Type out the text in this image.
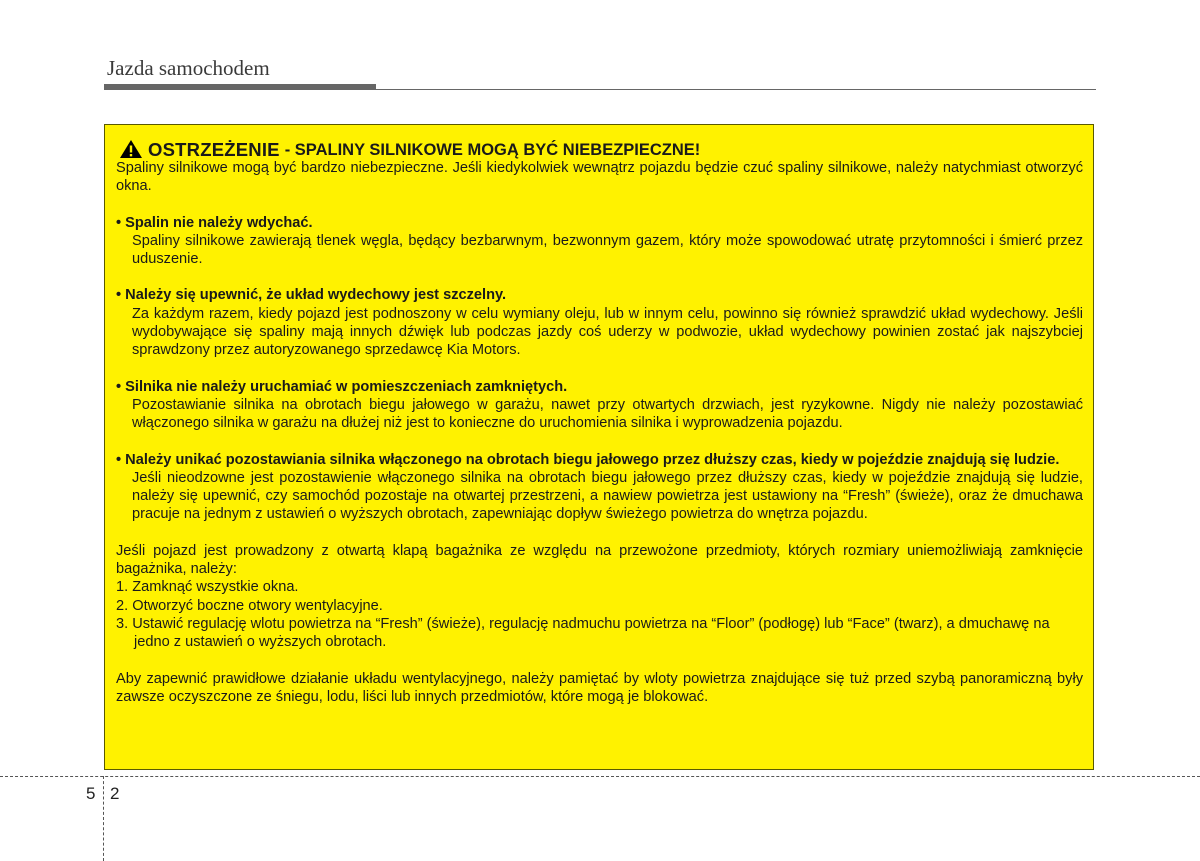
Jazda samochodem
OSTRZEŻENIE - SPALINY SILNIKOWE MOGĄ BYĆ NIEBEZPIECZNE!

Spaliny silnikowe mogą być bardzo niebezpieczne. Jeśli kiedykolwiek wewnątrz pojazdu będzie czuć spaliny silnikowe, należy natychmiast otworzyć okna.

• Spalin nie należy wdychać.

Spaliny silnikowe zawierają tlenek węgla, będący bezbarwnym, bezwonnym gazem, który może spowodować utratę przytomności i śmierć przez uduszenie.

• Należy się upewnić, że układ wydechowy jest szczelny.

Za każdym razem, kiedy pojazd jest podnoszony w celu wymiany oleju, lub w innym celu, powinno się również sprawdzić układ wydechowy. Jeśli wydobywające się spaliny mają innych dźwięk lub podczas jazdy coś uderzy w podwozie, układ wydechowy powinien zostać jak najszybciej sprawdzony przez autoryzowanego sprzedawcę Kia Motors.

• Silnika nie należy uruchamiać w pomieszczeniach zamkniętych.

Pozostawianie silnika na obrotach biegu jałowego w garażu, nawet przy otwartych drzwiach, jest ryzykowne. Nigdy nie należy pozostawiać włączonego silnika w garażu na dłużej niż jest to konieczne do uruchomienia silnika i wyprowadzenia pojazdu.

• Należy unikać pozostawiania silnika włączonego na obrotach biegu jałowego przez dłuższy czas, kiedy w pojeździe znajdują się ludzie.

Jeśli nieodzowne jest pozostawienie włączonego silnika na obrotach biegu jałowego przez dłuższy czas, kiedy w pojeździe znajdują się ludzie, należy się upewnić, czy samochód pozostaje na otwartej przestrzeni, a nawiew powietrza jest ustawiony na “Fresh” (świeże), oraz że dmuchawa pracuje na jednym z ustawień o wyższych obrotach, zapewniając dopływ świeżego powietrza do wnętrza pojazdu.

Jeśli pojazd jest prowadzony z otwartą klapą bagażnika ze względu na przewożone przedmioty, których rozmiary uniemożliwiają zamknięcie bagażnika, należy:

1. Zamknąć wszystkie okna.

2. Otworzyć boczne otwory wentylacyjne.

3. Ustawić regulację wlotu powietrza na “Fresh” (świeże), regulację nadmuchu powietrza na “Floor” (podłogę) lub “Face” (twarz), a dmuchawę na jedno z ustawień o wyższych obrotach.

Aby zapewnić prawidłowe działanie układu wentylacyjnego, należy pamiętać by wloty powietrza znajdujące się tuż przed szybą panoramiczną były zawsze oczyszczone ze śniegu, lodu, liści lub innych przedmiotów, które mogą je blokować.

5 2
